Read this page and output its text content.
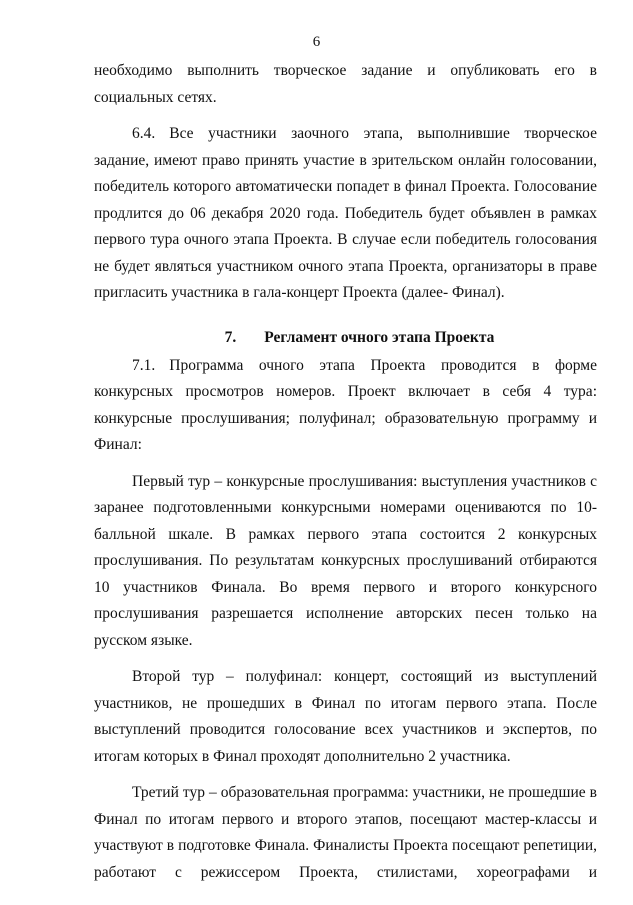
6

необходимо выполнить творческое задание и опубликовать его в социальных сетях.

6.4. Все участники заочного этапа, выполнившие творческое задание, имеют право принять участие в зрительском онлайн голосовании, победитель которого автоматически попадет в финал Проекта. Голосование продлится до 06 декабря 2020 года. Победитель будет объявлен в рамках первого тура очного этапа Проекта. В случае если победитель голосования не будет являться участником очного этапа Проекта, организаторы в праве пригласить участника в гала-концерт Проекта (далее- Финал).

7. Регламент очного этапа Проекта

7.1. Программа очного этапа Проекта проводится в форме конкурсных просмотров номеров. Проект включает в себя 4 тура: конкурсные прослушивания; полуфинал; образовательную программу и Финал:

Первый тур – конкурсные прослушивания: выступления участников с заранее подготовленными конкурсными номерами оцениваются по 10-балльной шкале. В рамках первого этапа состоится 2 конкурсных прослушивания. По результатам конкурсных прослушиваний отбираются 10 участников Финала. Во время первого и второго конкурсного прослушивания разрешается исполнение авторских песен только на русском языке.

Второй тур – полуфинал: концерт, состоящий из выступлений участников, не прошедших в Финал по итогам первого этапа. После выступлений проводится голосование всех участников и экспертов, по итогам которых в Финал проходят дополнительно 2 участника.

Третий тур – образовательная программа: участники, не прошедшие в Финал по итогам первого и второго этапов, посещают мастер-классы и участвуют в подготовке Финала. Финалисты Проекта посещают репетиции, работают с режиссером Проекта, стилистами, хореографами и
